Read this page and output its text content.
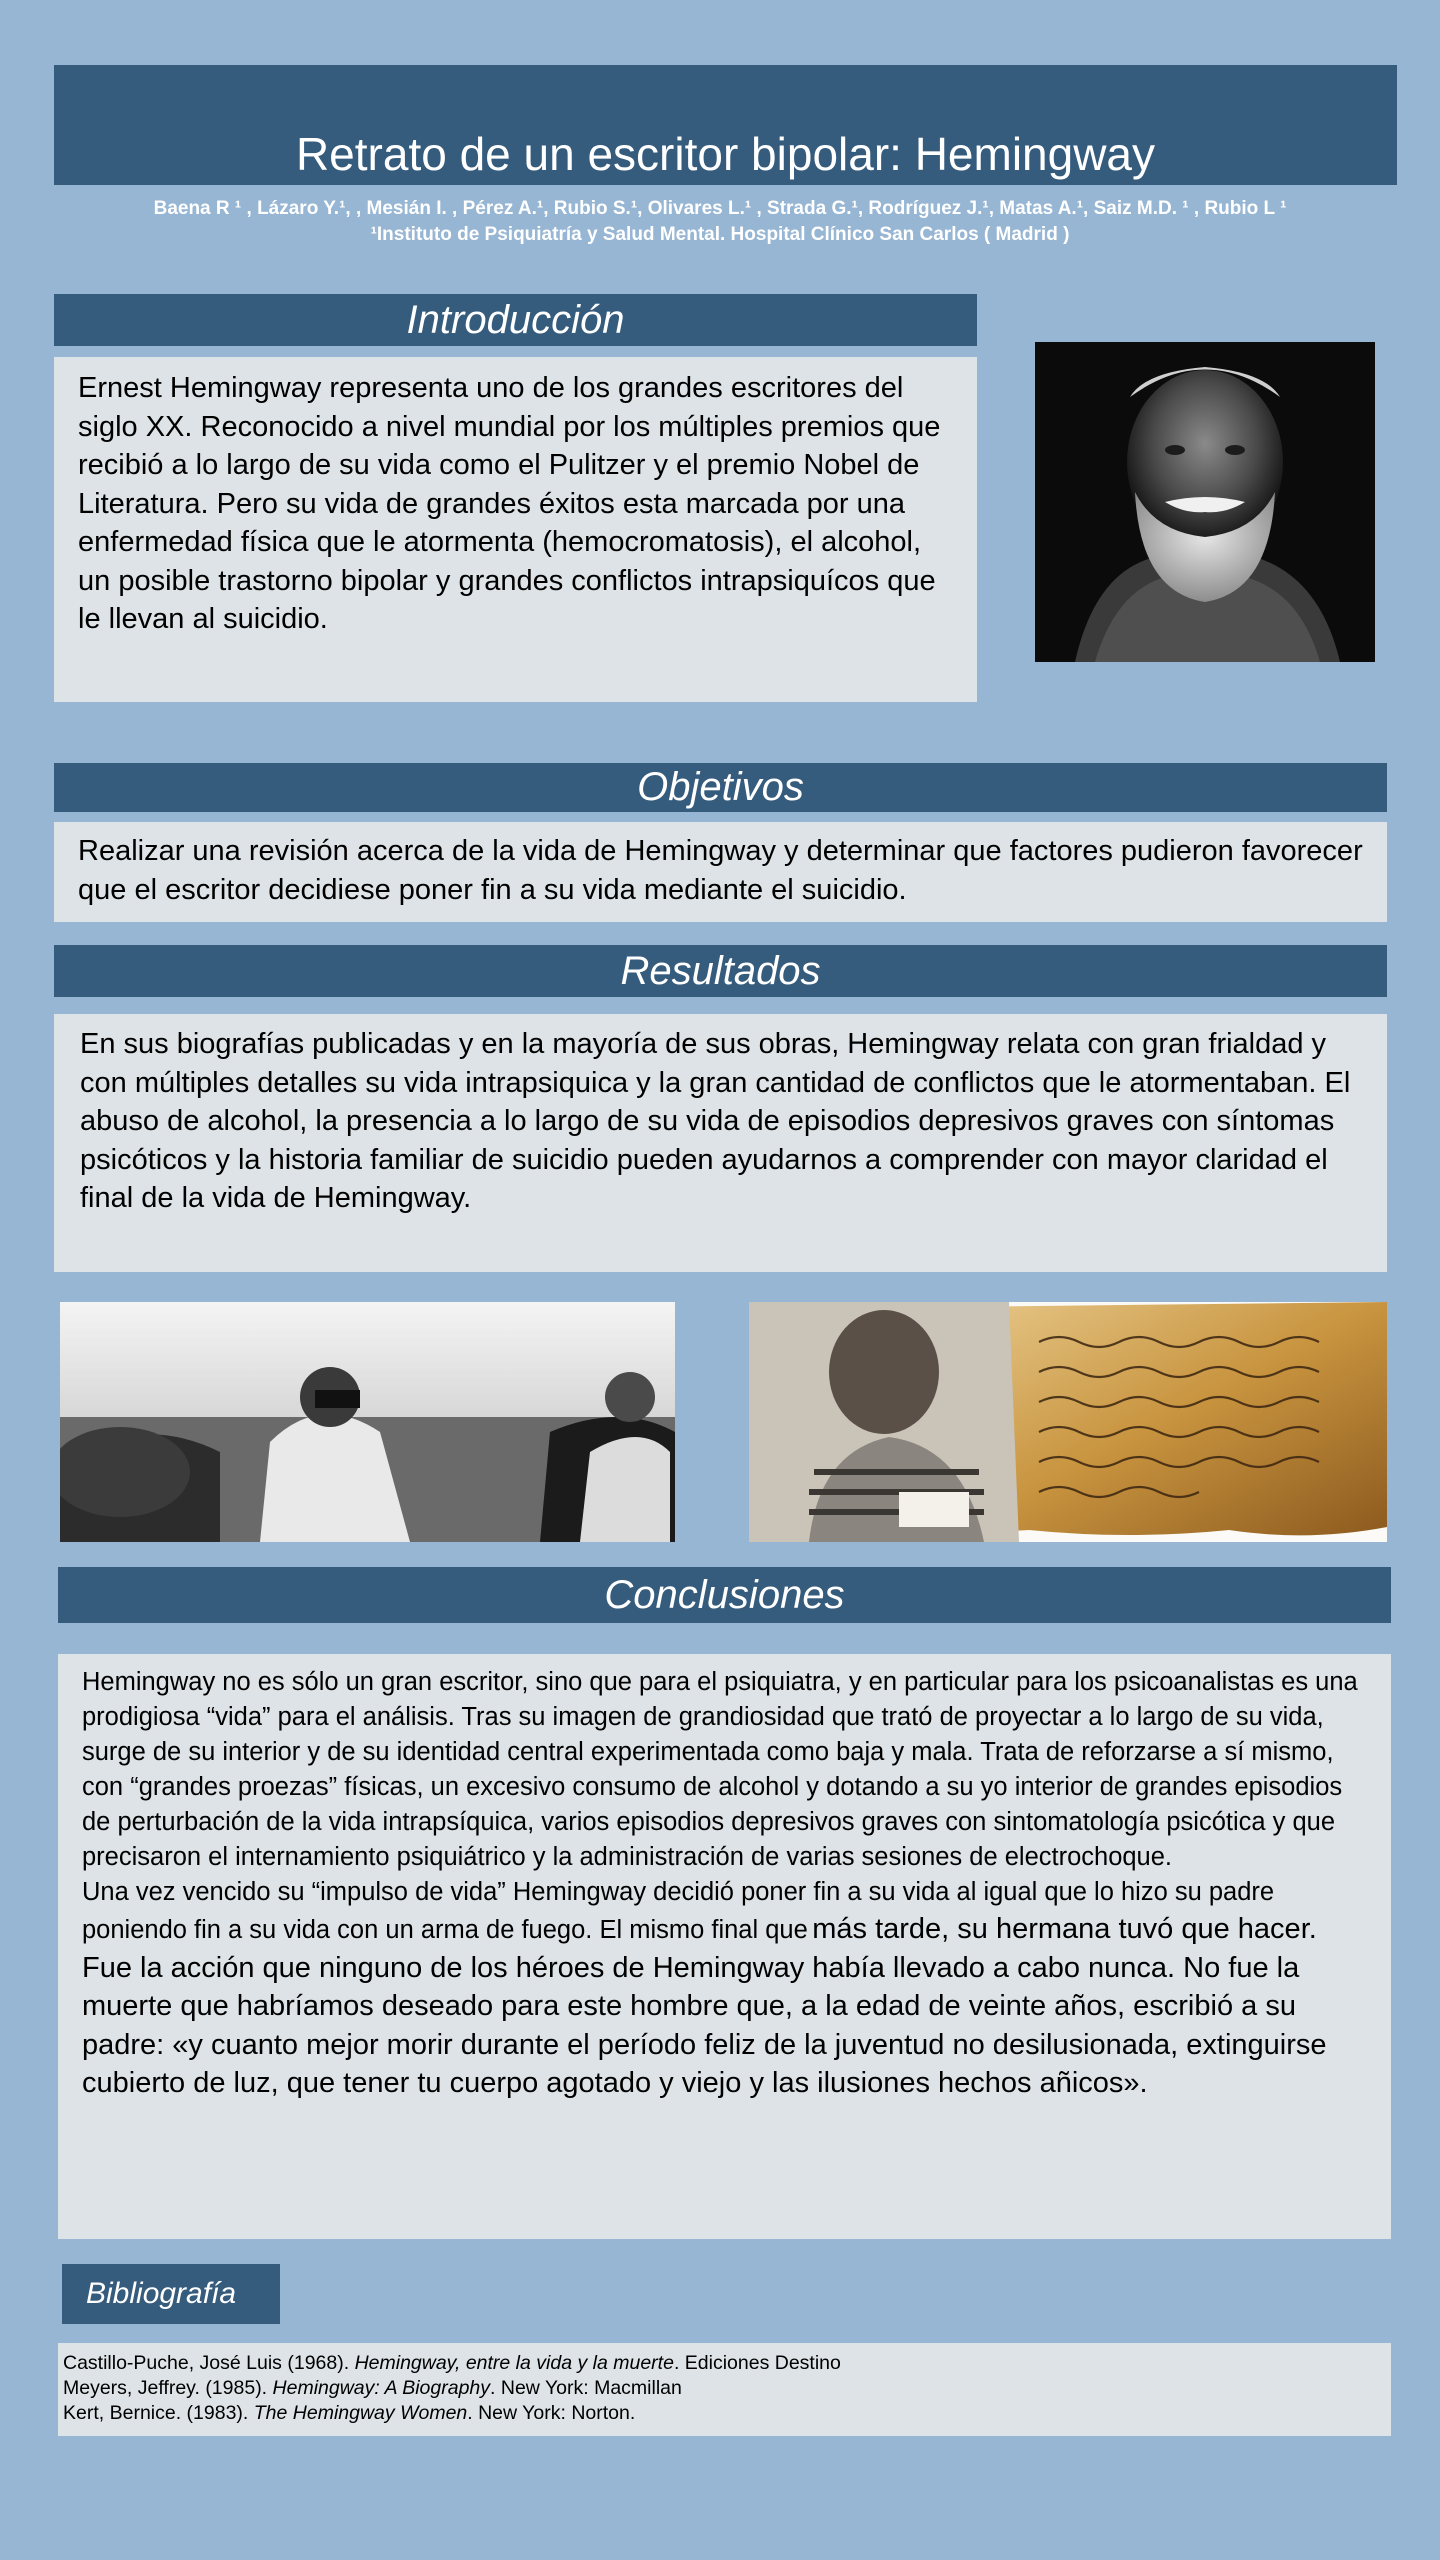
Retrato de un escritor bipolar: Hemingway
Baena R ¹ , Lázaro Y.¹, , Mesián I. , Pérez A.¹, Rubio S.¹, Olivares L.¹ , Strada G.¹, Rodríguez J.¹, Matas A.¹, Saiz M.D. ¹ , Rubio L ¹
¹Instituto de Psiquiatría y Salud Mental. Hospital Clínico San Carlos ( Madrid )
Introducción
Ernest Hemingway representa uno de los grandes escritores del siglo XX. Reconocido a nivel mundial por los múltiples premios que recibió a lo largo de su vida como el Pulitzer y el premio Nobel de Literatura. Pero su vida de grandes éxitos esta marcada por una enfermedad física que le atormenta (hemocromatosis), el alcohol, un posible trastorno bipolar y grandes conflictos intrapsiquícos que le llevan al suicidio.
Objetivos
Realizar una revisión acerca de la vida de Hemingway y determinar que factores pudieron favorecer que el escritor decidiese poner fin a su vida mediante el suicidio.
Resultados
En sus biografías publicadas y en la mayoría de sus obras, Hemingway relata con gran frialdad y con múltiples detalles su vida intrapsiquica y la gran cantidad de conflictos que le atormentaban. El abuso de alcohol, la presencia a lo largo de su vida de episodios depresivos graves con síntomas psicóticos y la historia familiar de suicidio pueden ayudarnos a comprender con mayor claridad el final de la vida de Hemingway.
Conclusiones
Hemingway no es sólo un gran escritor, sino que para el psiquiatra, y en particular para los psicoanalistas es una prodigiosa “vida” para el análisis. Tras su imagen de grandiosidad que trató de proyectar a lo largo de su vida, surge de su interior y de su identidad central experimentada como baja y mala. Trata de reforzarse a sí mismo, con “grandes proezas” físicas, un excesivo consumo de alcohol y dotando a su yo interior de grandes episodios de perturbación de la vida intrapsíquica, varios episodios depresivos graves con sintomatología psicótica y que precisaron el internamiento psiquiátrico y la administración de varias sesiones de electrochoque.
Una vez vencido su “impulso de vida” Hemingway decidió poner fin a su vida al igual que lo hizo su padre poniendo fin a su vida con un arma de fuego. El mismo final que más tarde, su hermana tuvó que hacer. Fue la acción que ninguno de los héroes de Hemingway había llevado a cabo nunca. No fue la muerte que habríamos deseado para este hombre que, a la edad de veinte años, escribió a su padre: «y cuanto mejor morir durante el período feliz de la juventud no desilusionada, extinguirse cubierto de luz, que tener tu cuerpo agotado y viejo y las ilusiones hechos añicos».
Bibliografía
Castillo-Puche, José Luis (1968). Hemingway, entre la vida y la muerte. Ediciones Destino
Meyers, Jeffrey. (1985). Hemingway: A Biography. New York: Macmillan
Kert, Bernice. (1983). The Hemingway Women. New York: Norton.
